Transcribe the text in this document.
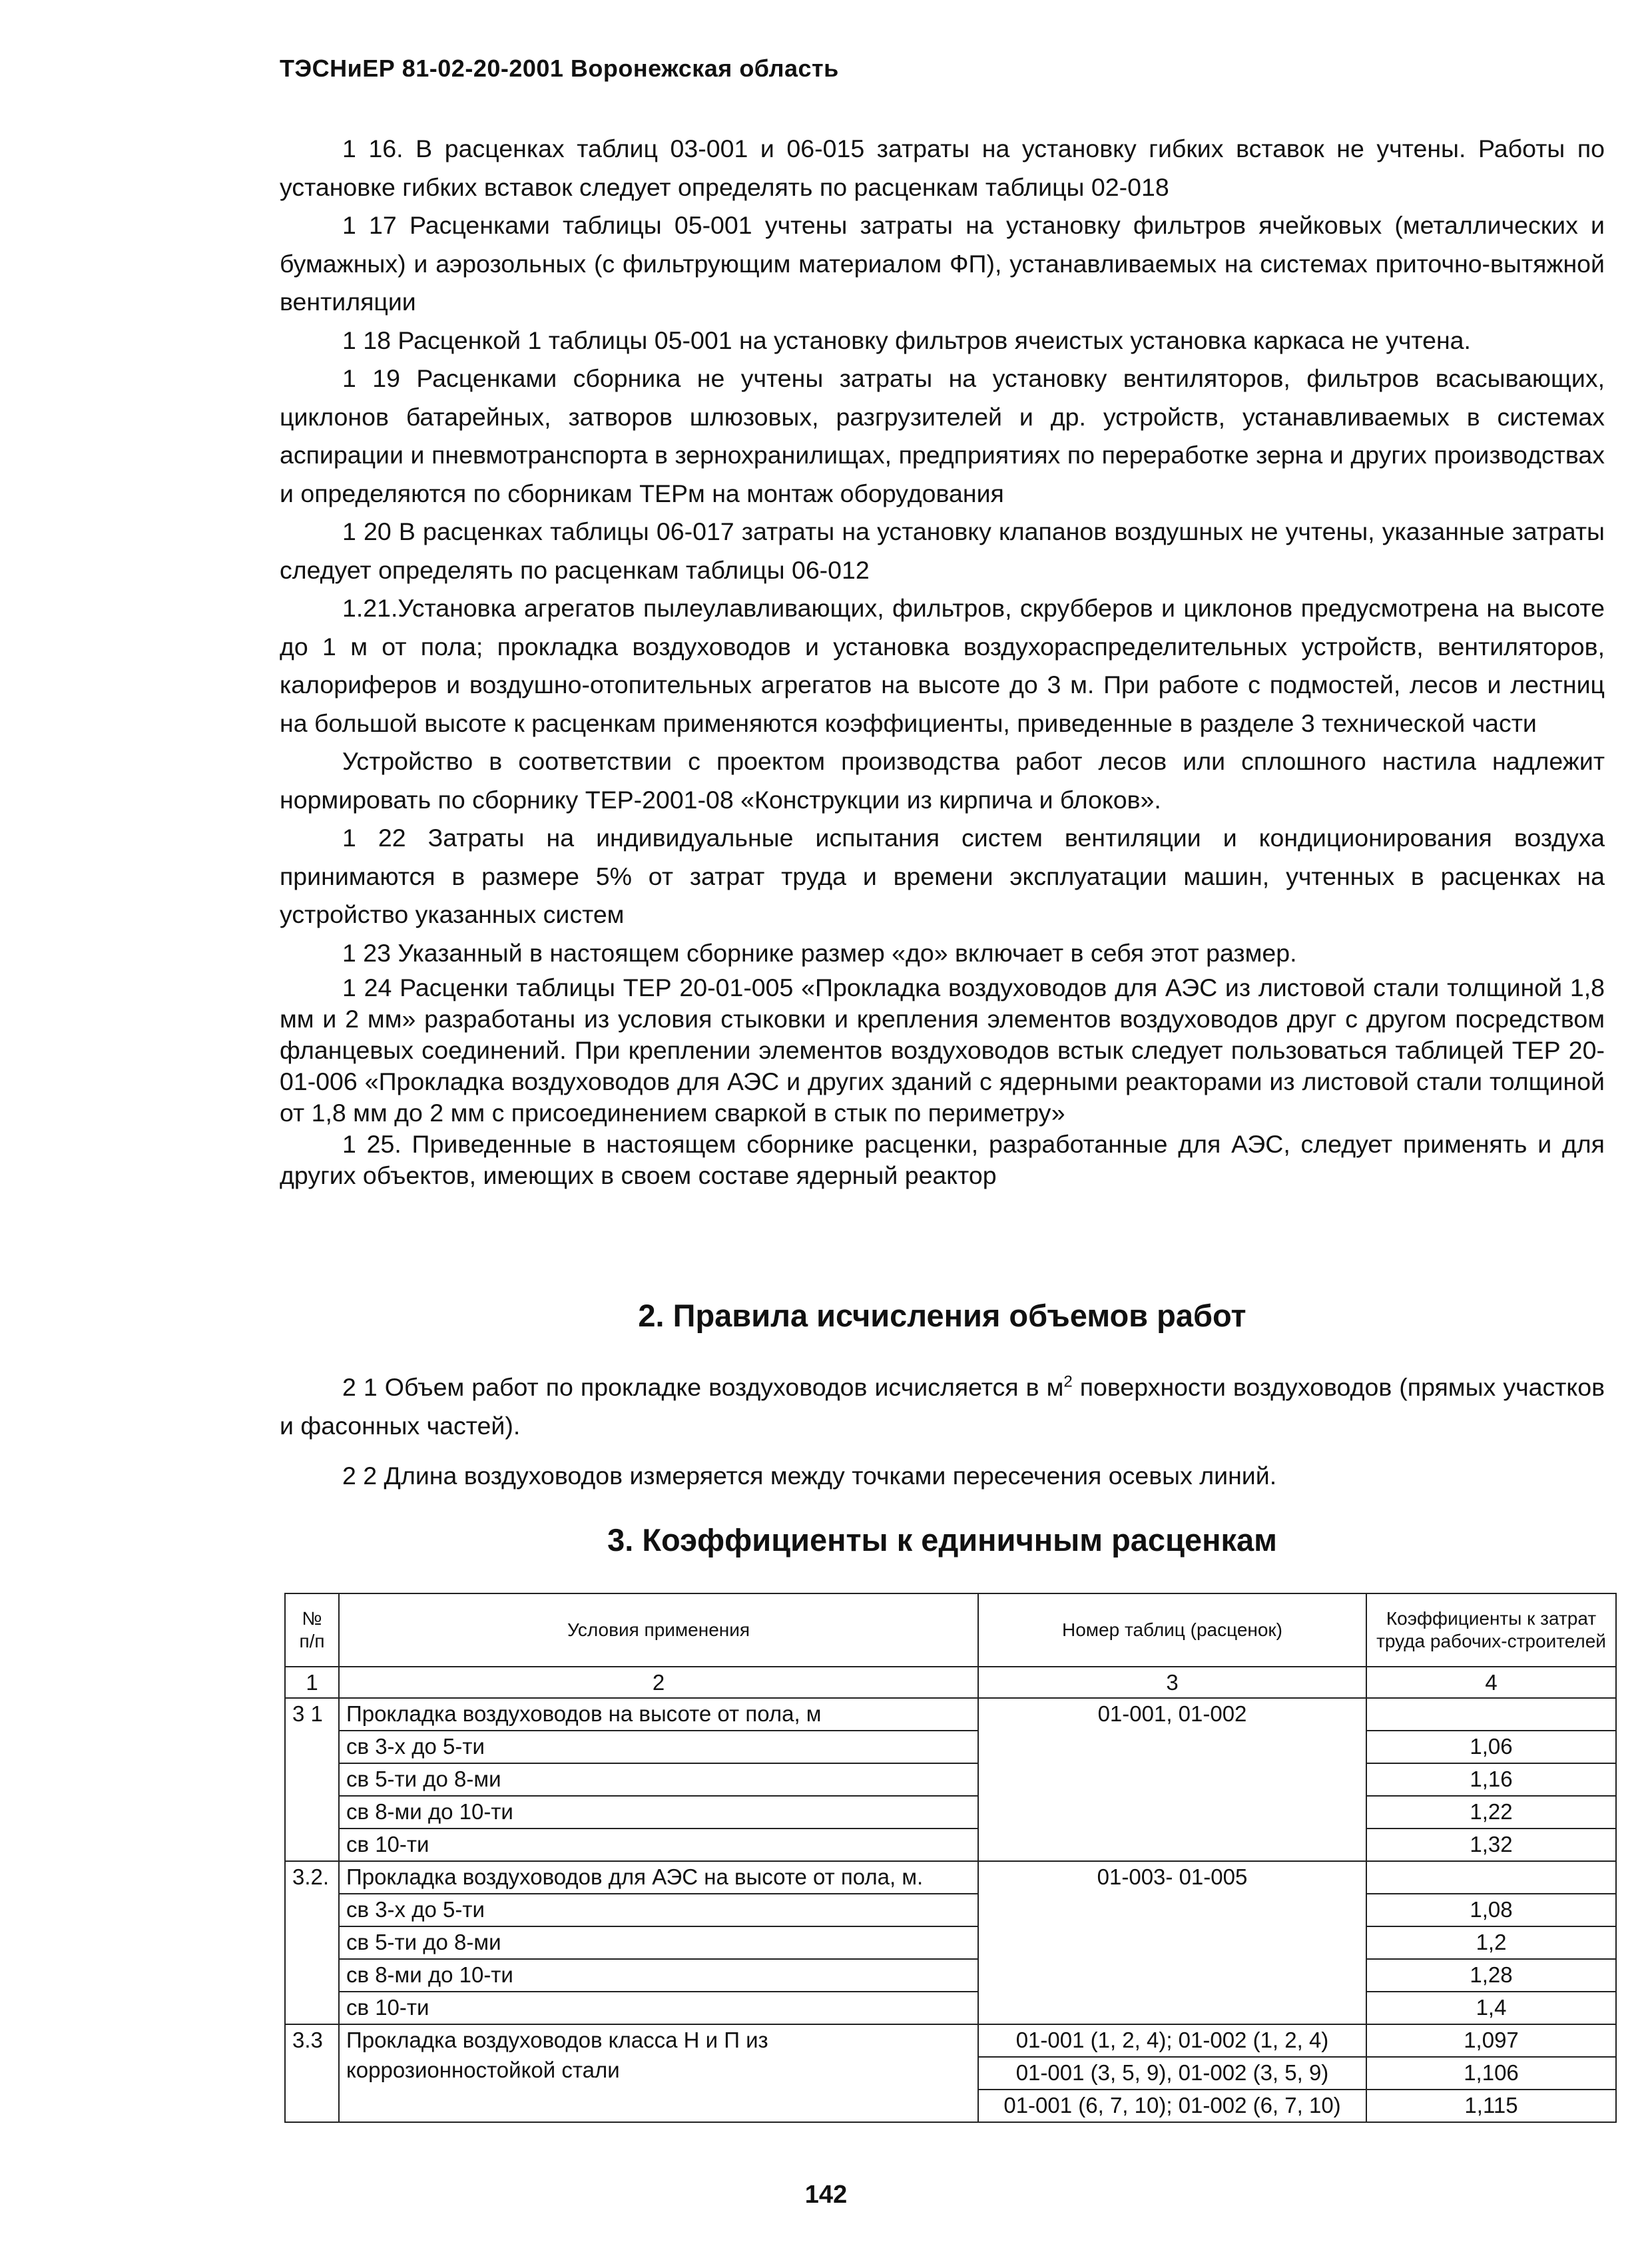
ТЭСНиЕР 81-02-20-2001 Воронежская область

1 16. В расценках таблиц 03-001 и 06-015 затраты на установку гибких вставок не учтены. Работы по установке гибких вставок следует определять по расценкам таблицы 02-018

1 17 Расценками таблицы 05-001 учтены затраты на установку фильтров ячейковых (металлических и бумажных) и аэрозольных (с фильтрующим материалом ФП), устанавливаемых на системах приточно-вытяжной вентиляции

1 18 Расценкой 1 таблицы 05-001 на установку фильтров ячеистых установка каркаса не учтена.

1 19 Расценками сборника не учтены затраты на установку вентиляторов, фильтров всасывающих, циклонов батарейных, затворов шлюзовых, разгрузителей и др. устройств, устанавливаемых в системах аспирации и пневмотранспорта в зернохранилищах, предприятиях по переработке зерна и других производствах и определяются по сборникам ТЕРм на монтаж оборудования

1 20 В расценках таблицы 06-017 затраты на установку клапанов воздушных не учтены, указанные затраты следует определять по расценкам таблицы 06-012

1.21.Установка агрегатов пылеулавливающих, фильтров, скрубберов и циклонов предусмотрена на высоте до 1 м от пола; прокладка воздуховодов и установка воздухораспределительных устройств, вентиляторов, калориферов и воздушно-отопительных агрегатов на высоте до 3 м. При работе с подмостей, лесов и лестниц на большой высоте к расценкам применяются коэффициенты, приведенные в разделе 3 технической части

Устройство в соответствии с проектом производства работ лесов или сплошного настила надлежит нормировать по сборнику ТЕР-2001-08 «Конструкции из кирпича и блоков».

1 22 Затраты на индивидуальные испытания систем вентиляции и кондиционирования воздуха принимаются в размере 5% от затрат труда и времени эксплуатации машин, учтенных в расценках на устройство указанных систем

1 23 Указанный в настоящем сборнике размер «до» включает в себя этот размер.

1 24 Расценки таблицы ТЕР 20-01-005 «Прокладка воздуховодов для АЭС из листовой стали толщиной 1,8 мм и 2 мм» разработаны из условия стыковки и крепления элементов воздуховодов друг с другом посредством фланцевых соединений. При креплении элементов воздуховодов встык следует пользоваться таблицей ТЕР 20-01-006 «Прокладка воздуховодов для АЭС и других зданий с ядерными реакторами из листовой стали толщиной от 1,8 мм до 2 мм с присоединением сваркой в стык по периметру»

1 25. Приведенные в настоящем сборнике расценки, разработанные для АЭС, следует применять и для других объектов, имеющих в своем составе ядерный реактор

2. Правила исчисления объемов работ

2 1 Объем работ по прокладке воздуховодов исчисляется в $м^2$ поверхности воздуховодов (прямых участков и фасонных частей).

2 2 Длина воздуховодов измеряется между точками пересечения осевых линий.

3. Коэффициенты к единичным расценкам
№ п/п	Условия применения	Номер таблиц (расценок)	Коэффициенты к затрат труда рабочих-строителей
1	2	3	4
3 1	Прокладка воздуховодов на высоте от пола, м	01-001, 01-002	
	св 3-х до 5-ти		1,06
	св 5-ти до 8-ми		1,16
	св 8-ми до 10-ти		1,22
	св 10-ти		1,32
3.2.	Прокладка воздуховодов для АЭС на высоте от пола, м.	01-003- 01-005	
	св 3-х до 5-ти		1,08
	св 5-ти до 8-ми		1,2
	св 8-ми до 10-ти		1,28
	св 10-ти		1,4
3.3	Прокладка воздуховодов класса Н и П из коррозионностойкой стали	01-001 (1, 2, 4); 01-002 (1, 2, 4)	1,097
		01-001 (3, 5, 9), 01-002 (3, 5, 9)	1,106
		01-001 (6, 7, 10); 01-002 (6, 7, 10)	1,115
142
